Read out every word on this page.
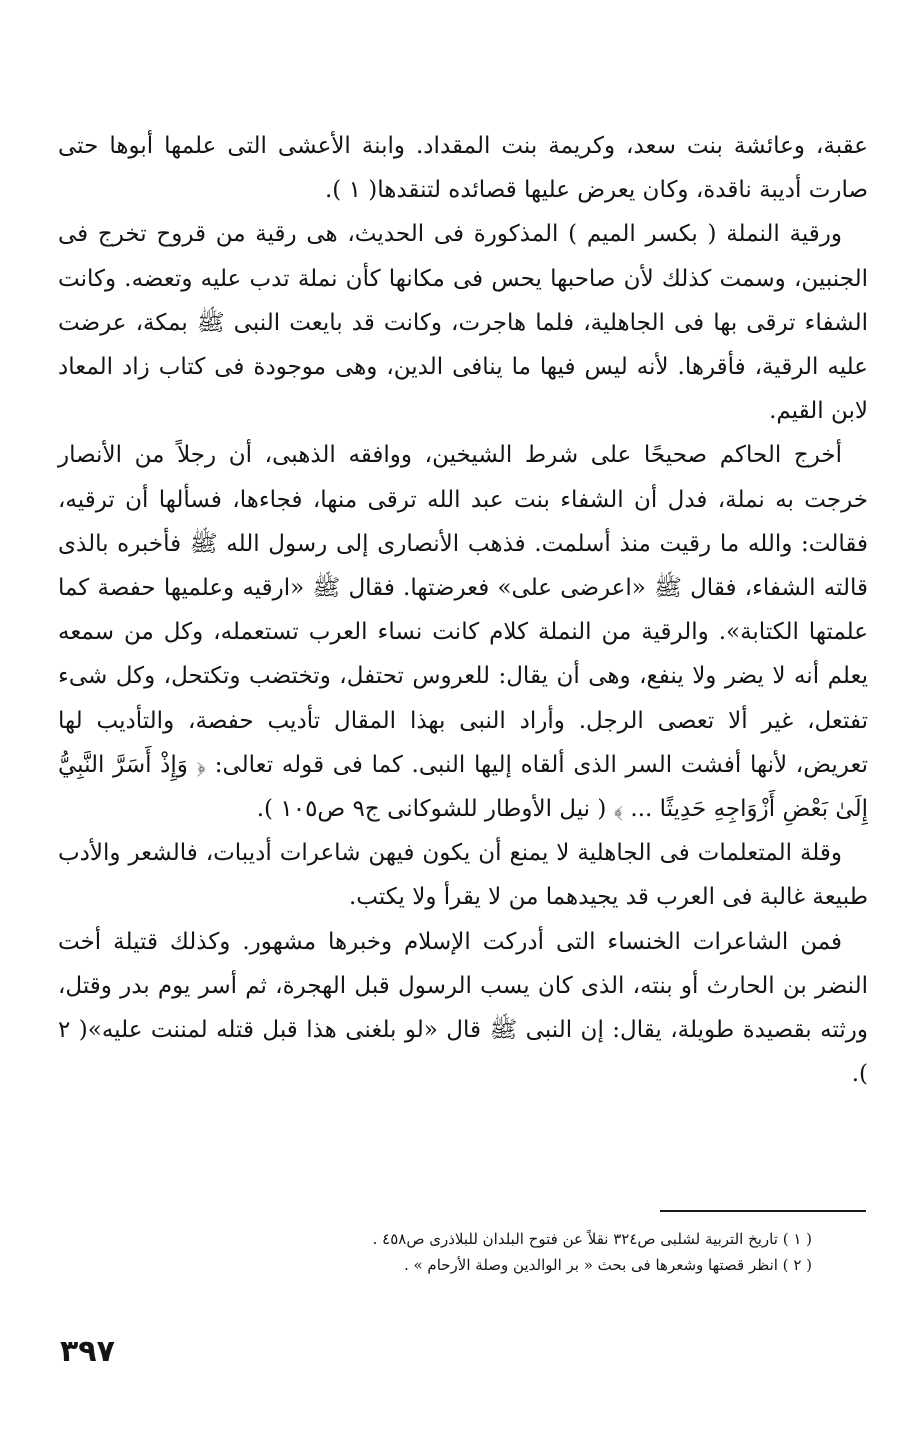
عقبة، وعائشة بنت سعد، وكريمة بنت المقداد. وابنة الأعشى التى علمها أبوها حتى صارت أديبة ناقدة، وكان يعرض عليها قصائده لتنقدها( ١ ).

ورقية النملة ( بكسر الميم ) المذكورة فى الحديث، هى رقية من قروح تخرج فى الجنبين، وسمت كذلك لأن صاحبها يحس فى مكانها كأن نملة تدب عليه وتعضه. وكانت الشفاء ترقى بها فى الجاهلية، فلما هاجرت، وكانت قد بايعت النبى ﷺ بمكة، عرضت عليه الرقية، فأقرها. لأنه ليس فيها ما ينافى الدين، وهى موجودة فى كتاب زاد المعاد لابن القيم.

أخرج الحاكم صحيحًا على شرط الشيخين، ووافقه الذهبى، أن رجلاً من الأنصار خرجت به نملة، فدل أن الشفاء بنت عبد الله ترقى منها، فجاءها، فسألها أن ترقيه، فقالت: والله ما رقيت منذ أسلمت. فذهب الأنصارى إلى رسول الله ﷺ فأخبره بالذى قالته الشفاء، فقال ﷺ «اعرضى على» فعرضتها. فقال ﷺ «ارقيه وعلميها حفصة كما علمتها الكتابة». والرقية من النملة كلام كانت نساء العرب تستعمله، وكل من سمعه يعلم أنه لا يضر ولا ينفع، وهى أن يقال: للعروس تحتفل، وتختضب وتكتحل، وكل شىء تفتعل، غير ألا تعصى الرجل. وأراد النبى بهذا المقال تأديب حفصة، والتأديب لها تعريض، لأنها أفشت السر الذى ألقاه إليها النبى. كما فى قوله تعالى: ﴿ وَإِذْ أَسَرَّ النَّبِيُّ إِلَىٰ بَعْضِ أَزْوَاجِهِ حَدِيثًا ... ﴾ ( نيل الأوطار للشوكانى ج٩ ص١٠٥ ).

وقلة المتعلمات فى الجاهلية لا يمنع أن يكون فيهن شاعرات أديبات، فالشعر والأدب طبيعة غالبة فى العرب قد يجيدهما من لا يقرأ ولا يكتب.

فمن الشاعرات الخنساء التى أدركت الإسلام وخبرها مشهور. وكذلك قتيلة أخت النضر بن الحارث أو بنته، الذى كان يسب الرسول قبل الهجرة، ثم أسر يوم بدر وقتل، ورثته بقصيدة طويلة، يقال: إن النبى ﷺ قال «لو بلغنى هذا قبل قتله لمننت عليه»( ٢ ).

( ١ ) تاريخ التربية لشلبى ص٣٢٤ نقلاً عن فتوح البلدان للبلاذرى ص٤٥٨ .

( ٢ ) انظر قصتها وشعرها فى بحث « بر الوالدين وصلة الأرحام » .

٣٩٧
